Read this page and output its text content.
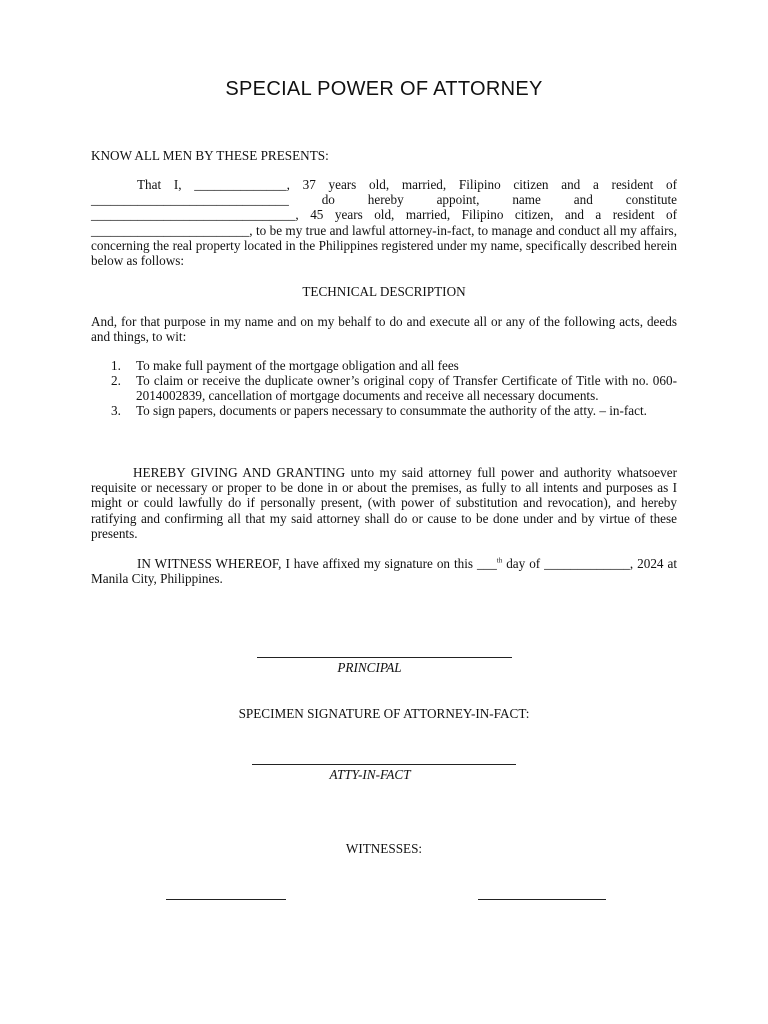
SPECIAL POWER OF ATTORNEY
KNOW ALL MEN BY THESE PRESENTS:
That I, ______________, 37 years old, married, Filipino citizen and a resident of ______________________________ do hereby appoint, name and constitute _______________________________, 45 years old, married, Filipino citizen, and a resident of ________________________, to be my true and lawful attorney-in-fact, to manage and conduct all my affairs, concerning the real property located in the Philippines registered under my name, specifically described herein below as follows:
TECHNICAL DESCRIPTION
And, for that purpose in my name and on my behalf to do and execute all or any of the following acts, deeds and things, to wit:
1. To make full payment of the mortgage obligation and all fees
2. To claim or receive the duplicate owner’s original copy of Transfer Certificate of Title with no. 060-2014002839, cancellation of mortgage documents and receive all necessary documents.
3. To sign papers, documents or papers necessary to consummate the authority of the atty. – in-fact.
HEREBY GIVING AND GRANTING unto my said attorney full power and authority whatsoever requisite or necessary or proper to be done in or about the premises, as fully to all intents and purposes as I might or could lawfully do if personally present, (with power of substitution and revocation), and hereby ratifying and confirming all that my said attorney shall do or cause to be done under and by virtue of these presents.
IN WITNESS WHEREOF, I have affixed my signature on this ___$^{th}$ day of _____________, 2024 at Manila City, Philippines.
PRINCIPAL
SPECIMEN SIGNATURE OF ATTORNEY-IN-FACT:
ATTY-IN-FACT
WITNESSES:
